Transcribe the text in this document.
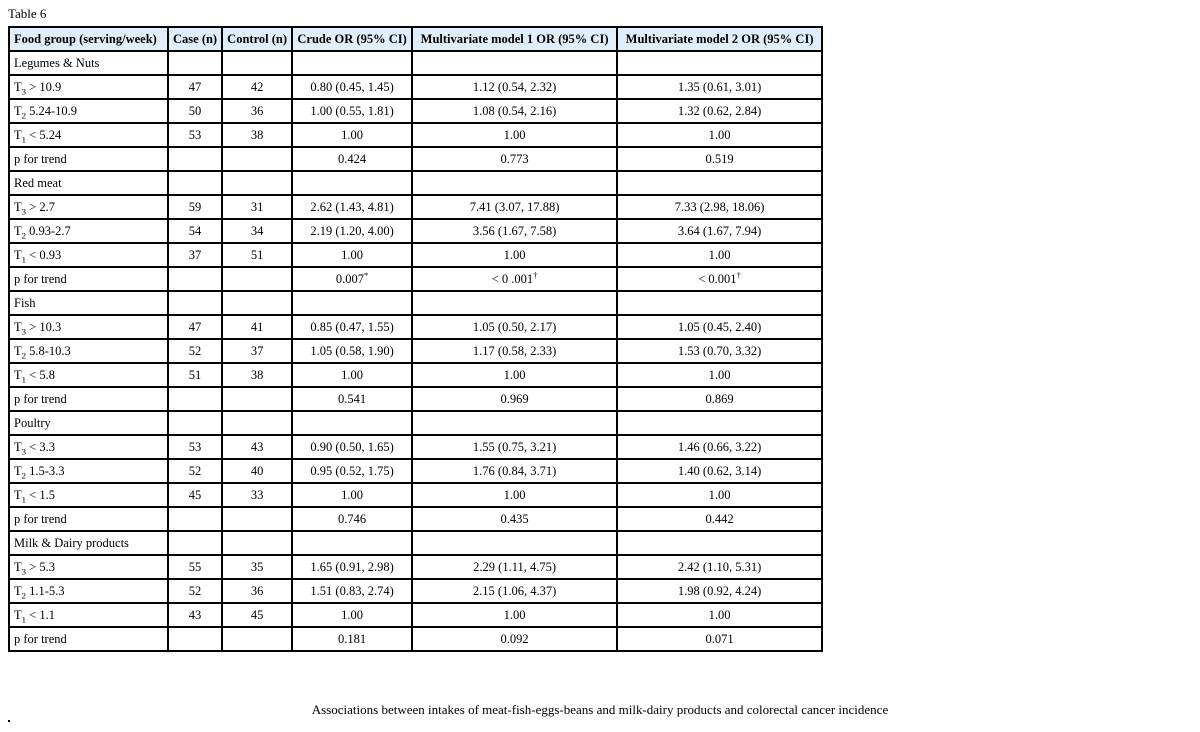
Table 6
Food group (serving/week)	Case (n)	Control (n)	Crude OR (95% CI)	Multivariate model 1 OR (95% CI)	Multivariate model 2 OR (95% CI)
Legumes & Nuts					
$T_3 > 10.9$	47	42	0.80 (0.45, 1.45)	1.12 (0.54, 2.32)	1.35 (0.61, 3.01)
$T_2$ 5.24-10.9	50	36	1.00 (0.55, 1.81)	1.08 (0.54, 2.16)	1.32 (0.62, 2.84)
$T_1 < 5.24$	53	38	1.00	1.00	1.00
p for trend			0.424	0.773	0.519
Red meat					
$T_3 > 2.7$	59	31	2.62 (1.43, 4.81)	7.41 (3.07, 17.88)	7.33 (2.98, 18.06)
$T_2$ 0.93-2.7	54	34	2.19 (1.20, 4.00)	3.56 (1.67, 7.58)	3.64 (1.67, 7.94)
$T_1 < 0.93$	37	51	1.00	1.00	1.00
p for trend			0.007*	< 0 .001†	< 0.001†
Fish					
$T_3 > 10.3$	47	41	0.85 (0.47, 1.55)	1.05 (0.50, 2.17)	1.05 (0.45, 2.40)
$T_2$ 5.8-10.3	52	37	1.05 (0.58, 1.90)	1.17 (0.58, 2.33)	1.53 (0.70, 3.32)
$T_1 < 5.8$	51	38	1.00	1.00	1.00
p for trend			0.541	0.969	0.869
Poultry					
$T_3 < 3.3$	53	43	0.90 (0.50, 1.65)	1.55 (0.75, 3.21)	1.46 (0.66, 3.22)
$T_2$ 1.5-3.3	52	40	0.95 (0.52, 1.75)	1.76 (0.84, 3.71)	1.40 (0.62, 3.14)
$T_1 < 1.5$	45	33	1.00	1.00	1.00
p for trend			0.746	0.435	0.442
Milk & Dairy products					
$T_3 > 5.3$	55	35	1.65 (0.91, 2.98)	2.29 (1.11, 4.75)	2.42 (1.10, 5.31)
$T_2$ 1.1-5.3	52	36	1.51 (0.83, 2.74)	2.15 (1.06, 4.37)	1.98 (0.92, 4.24)
$T_1 < 1.1$	43	45	1.00	1.00	1.00
p for trend			0.181	0.092	0.071
Associations between intakes of meat-fish-eggs-beans and milk-dairy products and colorectal cancer incidence
